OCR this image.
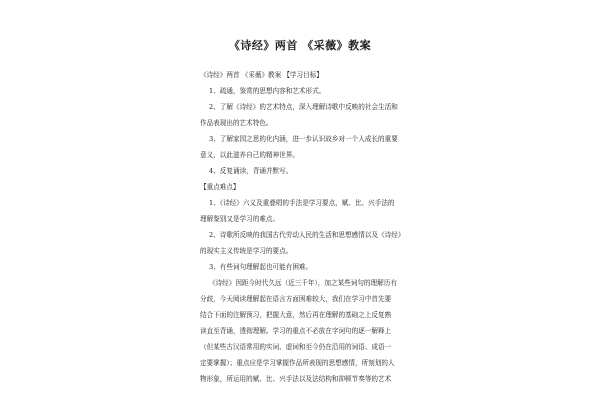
《诗经》两首 《采薇》教案
《诗经》两首 《采薇》教案 【学习目标】
1、疏通，鉴赏的思想内容和艺术形式。
2、了解《诗经》的艺术特点，深入理解诗歌中反映的社会生活和
作品表现出的艺术特色。
3、了解家园之思的化内涵，进一步认识故乡对一个人成长的重要
意义，以此滋养自己的精神世界。
4、反复诵读，背诵并默写。
【重点难点】
1、《诗经》六义及重叠唱的手法是学习要点，赋、比、兴手法的
理解鉴别又是学习的难点。
2、诗歌所反映的我国古代劳动人民的生活和思想感情以及《诗经》
的现实主义传统是学习的要点。
3、有些词句理解起也可能有困难。
《诗经》因距今时代久远（近三千年），加之某些词句的理解历有
分歧，今天阅读理解起在语言方面困难较大，我们在学习中首先要
结合下面的注解预习，把握大意，然后再在理解的基础之上反复熟
读直至背诵，透彻理解。学习的重点不必放在字词句的逐一解释上
（但某些古汉语常用的实词、虚词和至今仍在沿用的词语、成语一
定要掌握）；重点应是学习掌握作品所表现的思想感情，所刻划的人
物形象，所运用的赋、比、兴手法以及法结构和抑顿节奏等的艺术
